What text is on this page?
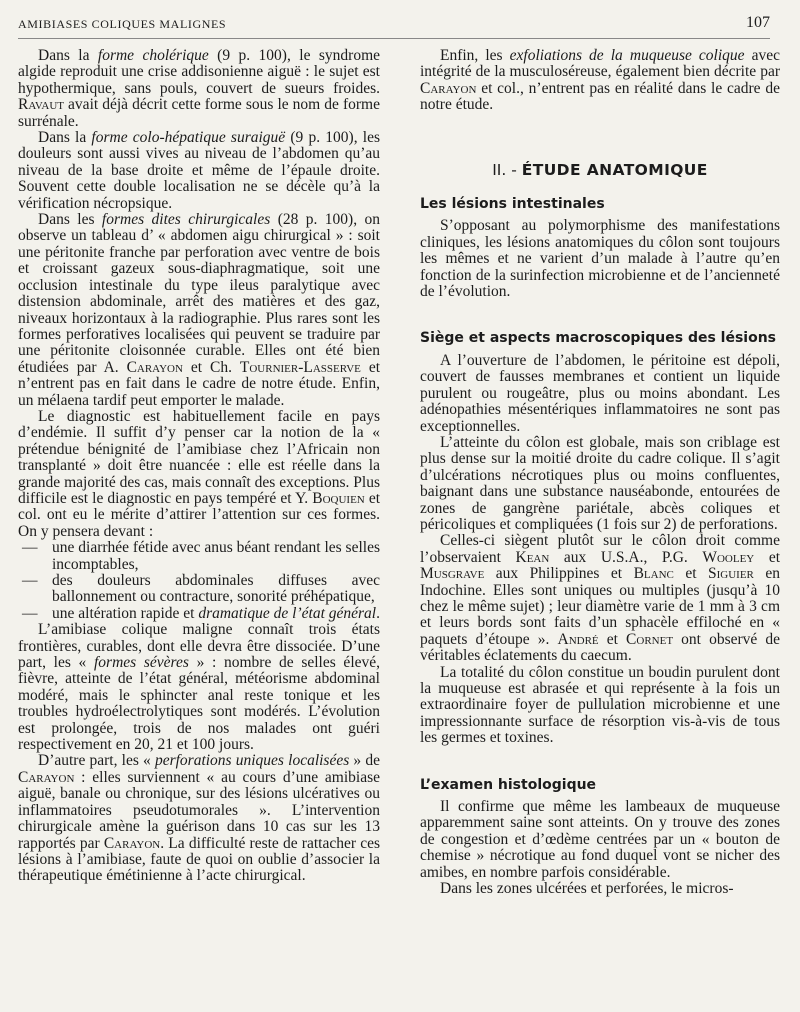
AMIBIASES COLIQUES MALIGNES	107

Dans la forme cholérique (9 p. 100), le syndrome algide reproduit une crise addisonienne aiguë : le sujet est hypothermique, sans pouls, couvert de sueurs froides. Ravaut avait déjà décrit cette forme sous le nom de forme surrénale.

Dans la forme colo-hépatique suraiguë (9 p. 100), les douleurs sont aussi vives au niveau de l’abdomen qu’au niveau de la base droite et même de l’épaule droite. Souvent cette double localisation ne se décèle qu’à la vérification nécropsique.

Dans les formes dites chirurgicales (28 p. 100), on observe un tableau d’ « abdomen aigu chirurgical » : soit une péritonite franche par perforation avec ventre de bois et croissant gazeux sous-diaphragmatique, soit une occlusion intestinale du type ileus paralytique avec distension abdominale, arrêt des matières et des gaz, niveaux horizontaux à la radiographie. Plus rares sont les formes perforatives localisées qui peuvent se traduire par une péritonite cloisonnée curable. Elles ont été bien étudiées par A. Carayon et Ch. Tournier-Lasserve et n’entrent pas en fait dans le cadre de notre étude. Enfin, un mélaena tardif peut emporter le malade.

Le diagnostic est habituellement facile en pays d’endémie. Il suffit d’y penser car la notion de la « prétendue bénignité de l’amibiase chez l’Africain non transplanté » doit être nuancée : elle est réelle dans la grande majorité des cas, mais connaît des exceptions. Plus difficile est le diagnostic en pays tempéré et Y. Boquien et col. ont eu le mérite d’attirer l’attention sur ces formes. On y pensera devant :

— une diarrhée fétide avec anus béant rendant les selles incomptables,
— des douleurs abdominales diffuses avec ballonnement ou contracture, sonorité préhépatique,
— une altération rapide et dramatique de l’état général.

L’amibiase colique maligne connaît trois états frontières, curables, dont elle devra être dissociée. D’une part, les « formes sévères » : nombre de selles élevé, fièvre, atteinte de l’état général, météorisme abdominal modéré, mais le sphincter anal reste tonique et les troubles hydroélectrolytiques sont modérés. L’évolution est prolongée, trois de nos malades ont guéri respectivement en 20, 21 et 100 jours.

D’autre part, les « perforations uniques localisées » de Carayon : elles surviennent « au cours d’une amibiase aiguë, banale ou chronique, sur des lésions ulcératives ou inflammatoires pseudotumorales ». L’intervention chirurgicale amène la guérison dans 10 cas sur les 13 rapportés par Carayon. La difficulté reste de rattacher ces lésions à l’amibiase, faute de quoi on oublie d’associer la thérapeutique émétinienne à l’acte chirurgical.

Enfin, les exfoliations de la muqueuse colique avec intégrité de la musculoséreuse, également bien décrite par Carayon et col., n’entrent pas en réalité dans le cadre de notre étude.

II. - ÉTUDE ANATOMIQUE
Les lésions intestinales

S’opposant au polymorphisme des manifestations cliniques, les lésions anatomiques du côlon sont toujours les mêmes et ne varient d’un malade à l’autre qu’en fonction de la surinfection microbienne et de l’ancienneté de l’évolution.

Siège et aspects macroscopiques des lésions

A l’ouverture de l’abdomen, le péritoine est dépoli, couvert de fausses membranes et contient un liquide purulent ou rougeâtre, plus ou moins abondant. Les adénopathies mésentériques inflammatoires ne sont pas exceptionnelles.

L’atteinte du côlon est globale, mais son criblage est plus dense sur la moitié droite du cadre colique. Il s’agit d’ulcérations nécrotiques plus ou moins confluentes, baignant dans une substance nauséabonde, entourées de zones de gangrène pariétale, abcès coliques et péricoliques et compliquées (1 fois sur 2) de perforations.

Celles-ci siègent plutôt sur le côlon droit comme l’observaient Kean aux U.S.A., P.G. Wooley et Musgrave aux Philippines et Blanc et Siguier en Indochine. Elles sont uniques ou multiples (jusqu’à 10 chez le même sujet) ; leur diamètre varie de 1 mm à 3 cm et leurs bords sont faits d’un sphacèle effiloché en « paquets d’étoupe ». André et Cornet ont observé de véritables éclatements du caecum.

La totalité du côlon constitue un boudin purulent dont la muqueuse est abrasée et qui représente à la fois un extraordinaire foyer de pullulation microbienne et une impressionnante surface de résorption vis-à-vis de tous les germes et toxines.

L’examen histologique

Il confirme que même les lambeaux de muqueuse apparemment saine sont atteints. On y trouve des zones de congestion et d’œdème centrées par un « bouton de chemise » nécrotique au fond duquel vont se nicher des amibes, en nombre parfois considérable.

Dans les zones ulcérées et perforées, le micros-
